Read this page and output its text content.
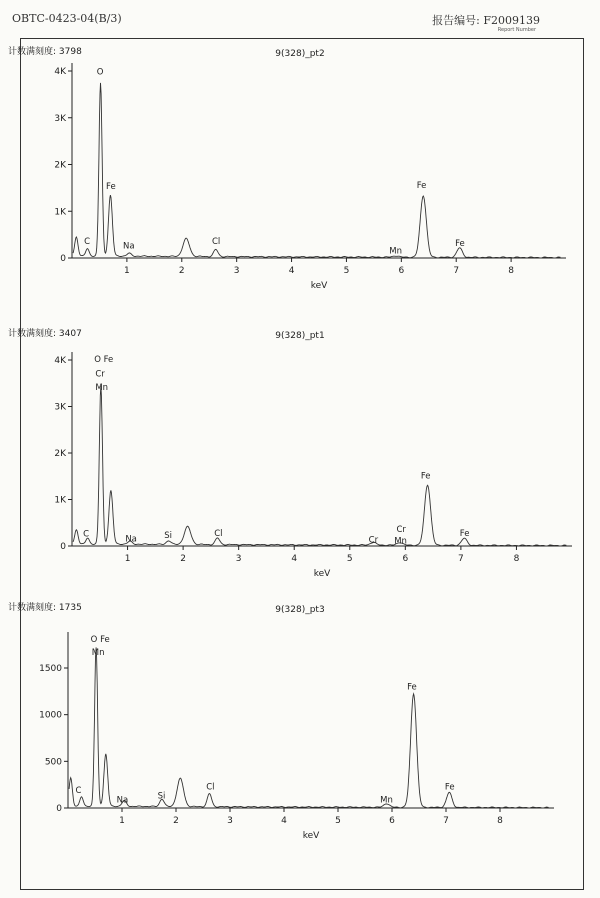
OBTC-0423-04(B/3)	报告编号: F2009139
Report Number
计数满刻度: 3798	9(328)_pt2
0
1K
2K
3K
4K
1	2	3	4	5	6	7	8
keV
C
O
Fe
Na	Cl
Mn
Fe
Fe
计数满刻度: 3407	9(328)_pt1
0
1K
2K
3K
4K
1	2	3	4	5	6	7	8
keV
C
O Fe
Cr
Mn
Na	Si	Cl
Cr
Cr
Mn
Fe
Fe
计数满刻度: 1735	9(328)_pt3
0
500
1000
1500
1	2	3	4	5	6	7	8
keV
C
O Fe
Mn
Na	Si
Cl
Mn
Fe
Fe
